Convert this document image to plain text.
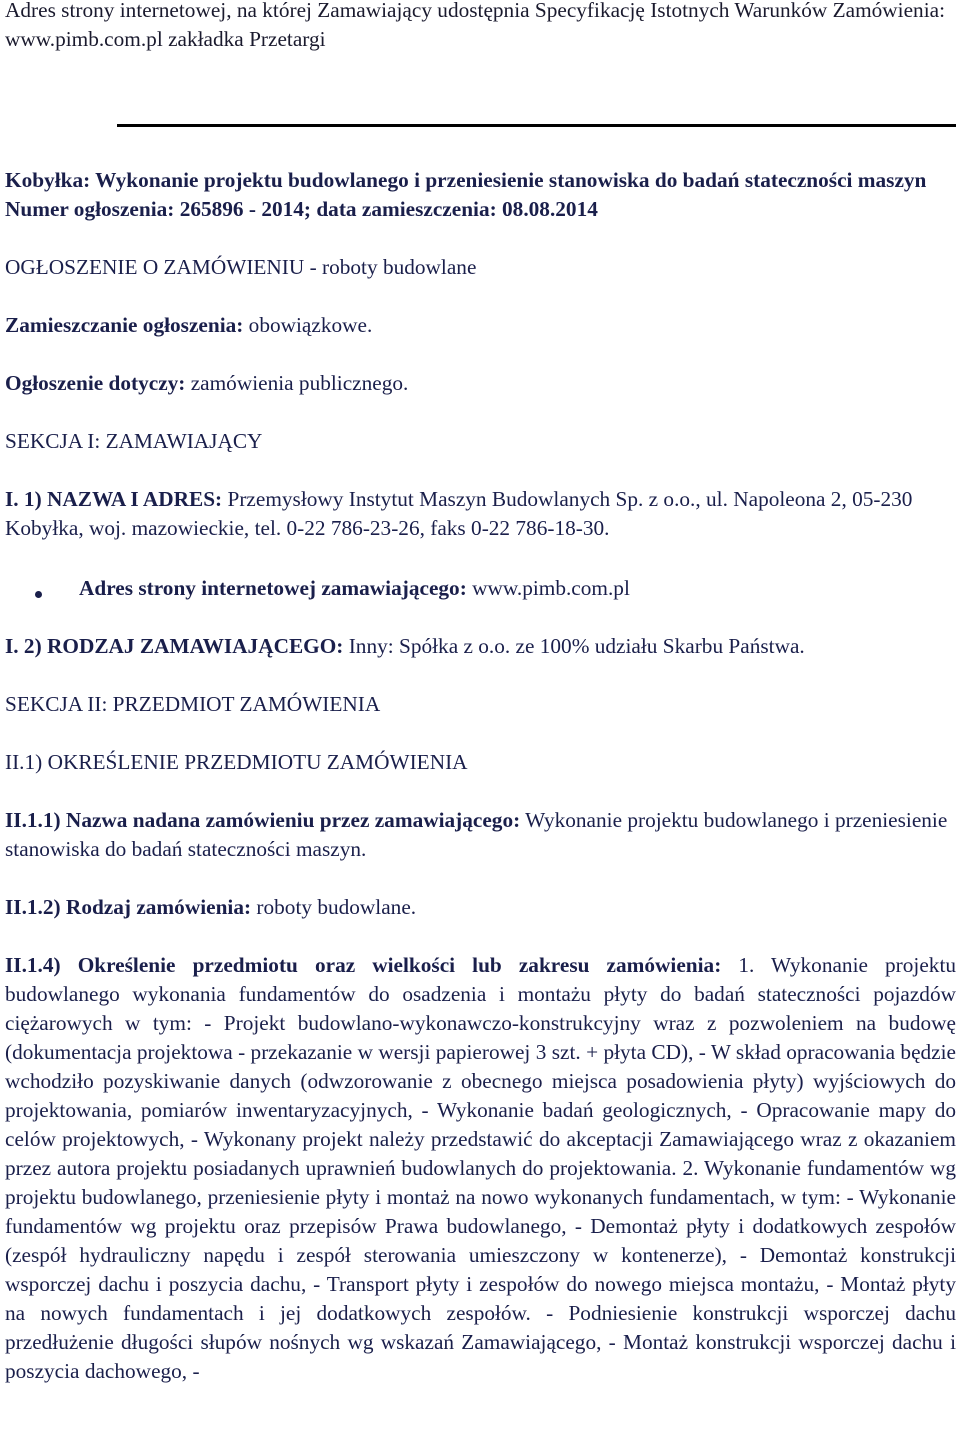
Adres strony internetowej, na której Zamawiający udostępnia Specyfikację Istotnych Warunków Zamówienia:
www.pimb.com.pl zakładka Przetargi

Kobyłka: Wykonanie projektu budowlanego i przeniesienie stanowiska do badań stateczności maszyn
Numer ogłoszenia: 265896 - 2014; data zamieszczenia: 08.08.2014

OGŁOSZENIE O ZAMÓWIENIU - roboty budowlane

Zamieszczanie ogłoszenia: obowiązkowe.

Ogłoszenie dotyczy: zamówienia publicznego.

SEKCJA I: ZAMAWIAJĄCY

I. 1) NAZWA I ADRES: Przemysłowy Instytut Maszyn Budowlanych Sp. z o.o., ul. Napoleona 2, 05-230 Kobyłka, woj. mazowieckie, tel. 0-22 786-23-26, faks 0-22 786-18-30.

Adres strony internetowej zamawiającego: www.pimb.com.pl

I. 2) RODZAJ ZAMAWIAJĄCEGO: Inny: Spółka z o.o. ze 100% udziału Skarbu Państwa.

SEKCJA II: PRZEDMIOT ZAMÓWIENIA

II.1) OKREŚLENIE PRZEDMIOTU ZAMÓWIENIA

II.1.1) Nazwa nadana zamówieniu przez zamawiającego: Wykonanie projektu budowlanego i przeniesienie stanowiska do badań stateczności maszyn.

II.1.2) Rodzaj zamówienia: roboty budowlane.

II.1.4) Określenie przedmiotu oraz wielkości lub zakresu zamówienia: 1. Wykonanie projektu budowlanego wykonania fundamentów do osadzenia i montażu płyty do badań stateczności pojazdów ciężarowych w tym: - Projekt budowlano-wykonawczo-konstrukcyjny wraz z pozwoleniem na budowę (dokumentacja projektowa - przekazanie w wersji papierowej 3 szt. + płyta CD), - W skład opracowania będzie wchodziło pozyskiwanie danych (odwzorowanie z obecnego miejsca posadowienia płyty) wyjściowych do projektowania, pomiarów inwentaryzacyjnych, - Wykonanie badań geologicznych, - Opracowanie mapy do celów projektowych, - Wykonany projekt należy przedstawić do akceptacji Zamawiającego wraz z okazaniem przez autora projektu posiadanych uprawnień budowlanych do projektowania. 2. Wykonanie fundamentów wg projektu budowlanego, przeniesienie płyty i montaż na nowo wykonanych fundamentach, w tym: - Wykonanie fundamentów wg projektu oraz przepisów Prawa budowlanego, - Demontaż płyty i dodatkowych zespołów (zespół hydrauliczny napędu i zespół sterowania umieszczony w kontenerze), - Demontaż konstrukcji wsporczej dachu i poszycia dachu, - Transport płyty i zespołów do nowego miejsca montażu, - Montaż płyty na nowych fundamentach i jej dodatkowych zespołów. - Podniesienie konstrukcji wsporczej dachu przedłużenie długości słupów nośnych wg wskazań Zamawiającego, - Montaż konstrukcji wsporczej dachu i poszycia dachowego, -
